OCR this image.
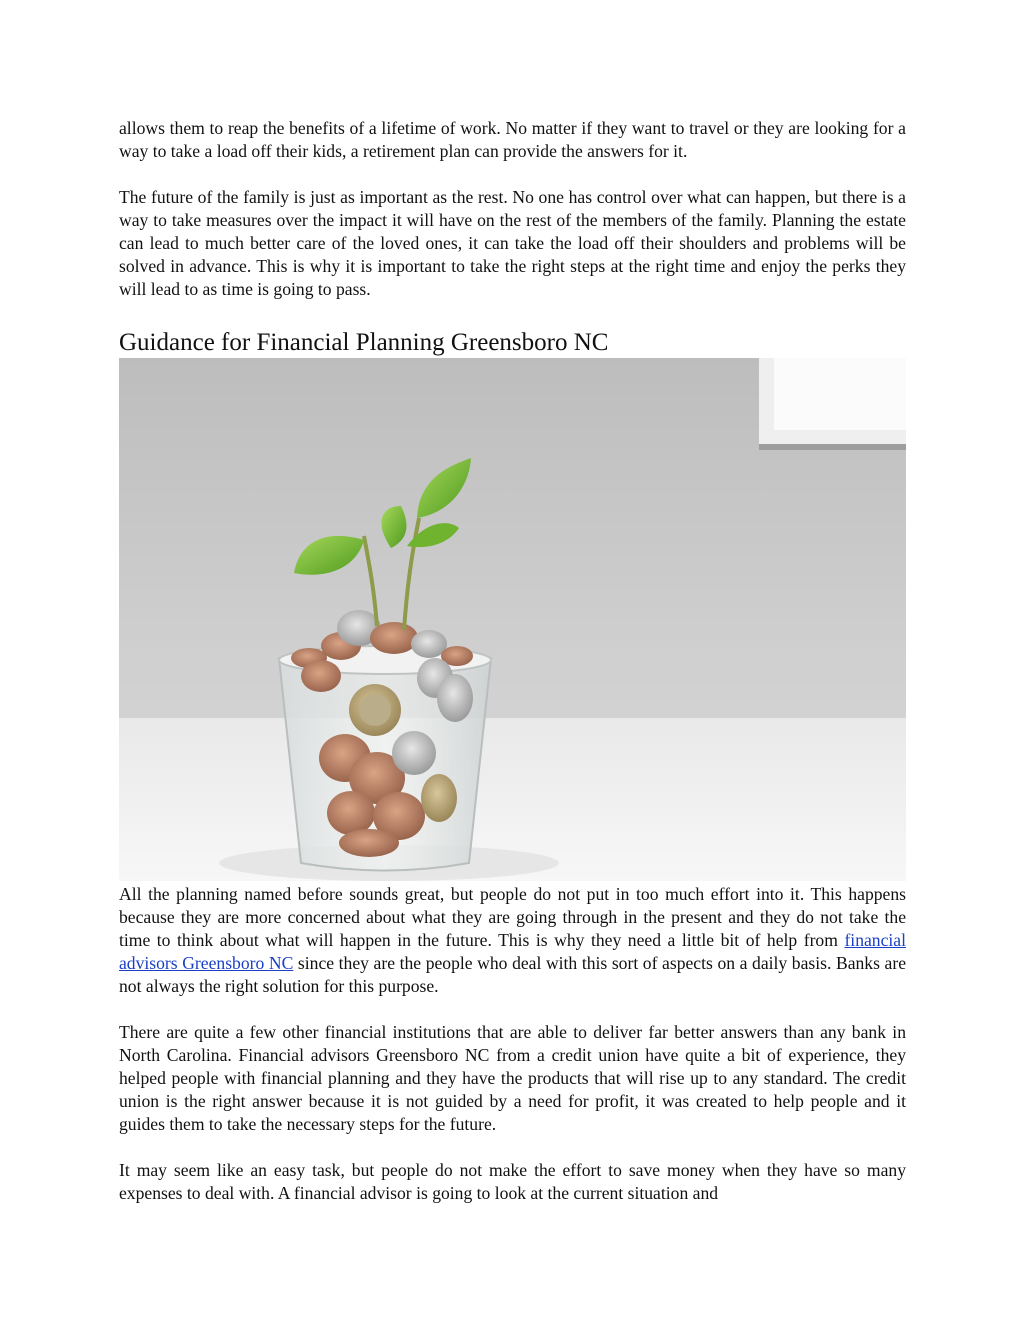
allows them to reap the benefits of a lifetime of work. No matter if they want to travel or they are looking for a way to take a load off their kids, a retirement plan can provide the answers for it.

The future of the family is just as important as the rest. No one has control over what can happen, but there is a way to take measures over the impact it will have on the rest of the members of the family. Planning the estate can lead to much better care of the loved ones, it can take the load off their shoulders and problems will be solved in advance. This is why it is important to take the right steps at the right time and enjoy the perks they will lead to as time is going to pass.

Guidance for Financial Planning Greensboro NC

All the planning named before sounds great, but people do not put in too much effort into it. This happens because they are more concerned about what they are going through in the present and they do not take the time to think about what will happen in the future. This is why they need a little bit of help from financial advisors Greensboro NC since they are the people who deal with this sort of aspects on a daily basis. Banks are not always the right solution for this purpose.

There are quite a few other financial institutions that are able to deliver far better answers than any bank in North Carolina. Financial advisors Greensboro NC from a credit union have quite a bit of experience, they helped people with financial planning and they have the products that will rise up to any standard. The credit union is the right answer because it is not guided by a need for profit, it was created to help people and it guides them to take the necessary steps for the future.

It may seem like an easy task, but people do not make the effort to save money when they have so many expenses to deal with. A financial advisor is going to look at the current situation and
